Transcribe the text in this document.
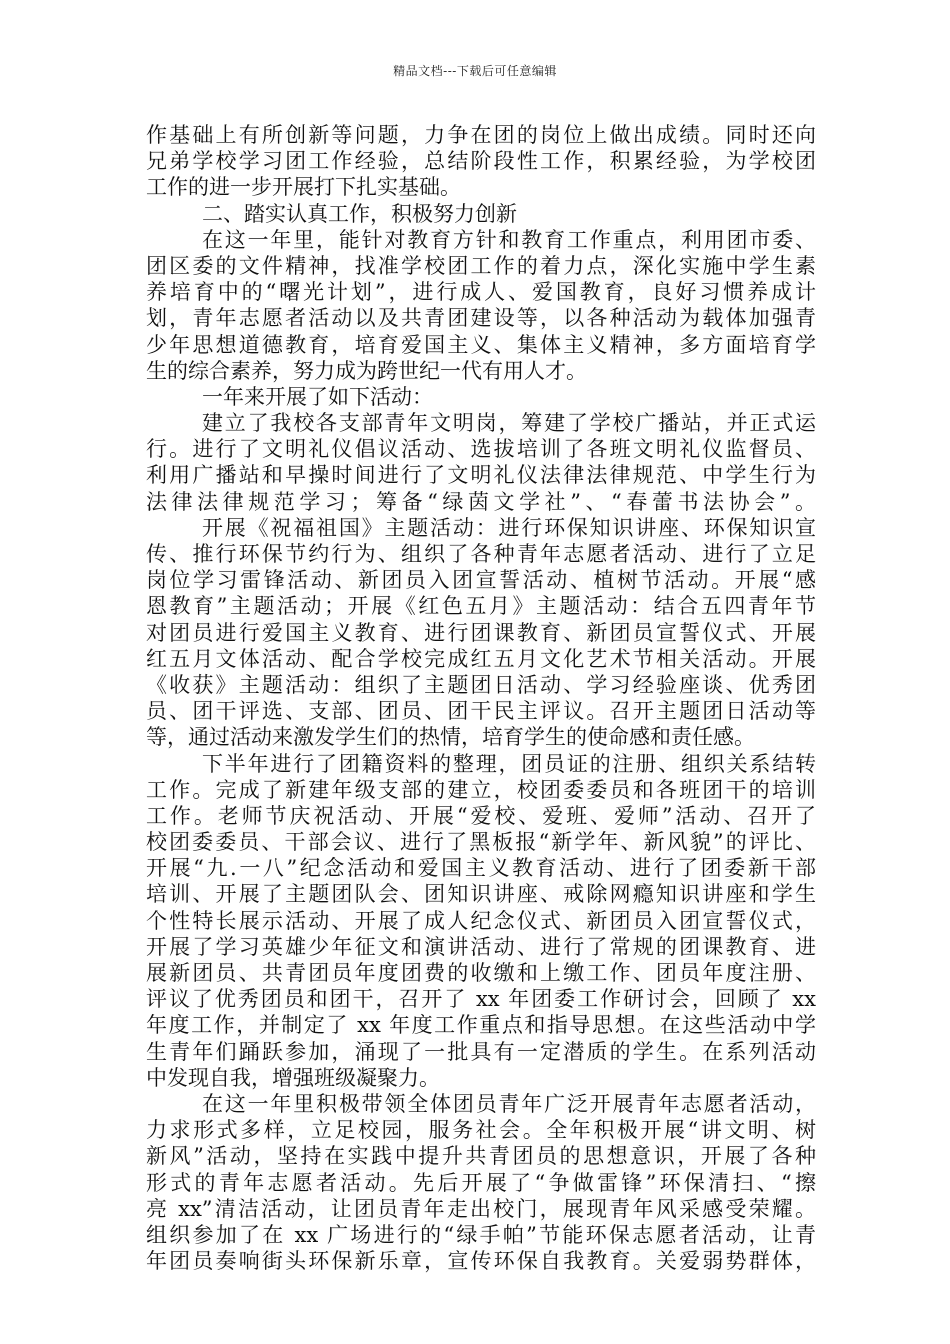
精品文档---下载后可任意编辑
作基础上有所创新等问题，力争在团的岗位上做出成绩。同时还向
兄弟学校学习团工作经验，总结阶段性工作，积累经验，为学校团
工作的进一步开展打下扎实基础。
二、踏实认真工作，积极努力创新
在这一年里，能针对教育方针和教育工作重点，利用团市委、
团区委的文件精神，找准学校团工作的着力点，深化实施中学生素
养培育中的“曙光计划”，进行成人、爱国教育，良好习惯养成计
划，青年志愿者活动以及共青团建设等，以各种活动为载体加强青
少年思想道德教育，培育爱国主义、集体主义精神，多方面培育学
生的综合素养，努力成为跨世纪一代有用人才。
一年来开展了如下活动：
建立了我校各支部青年文明岗，筹建了学校广播站，并正式运
行。进行了文明礼仪倡议活动、选拔培训了各班文明礼仪监督员、
利用广播站和早操时间进行了文明礼仪法律法律规范、中学生行为
法律法律规范学习；筹备“绿茵文学社”、“春蕾书法协会”。
开展《祝福祖国》主题活动：进行环保知识讲座、环保知识宣
传、推行环保节约行为、组织了各种青年志愿者活动、进行了立足
岗位学习雷锋活动、新团员入团宣誓活动、植树节活动。开展“感
恩教育”主题活动；开展《红色五月》主题活动：结合五四青年节
对团员进行爱国主义教育、进行团课教育、新团员宣誓仪式、开展
红五月文体活动、配合学校完成红五月文化艺术节相关活动。开展
《收获》主题活动：组织了主题团日活动、学习经验座谈、优秀团
员、团干评选、支部、团员、团干民主评议。召开主题团日活动等
等，通过活动来激发学生们的热情，培育学生的使命感和责任感。
下半年进行了团籍资料的整理，团员证的注册、组织关系结转
工作。完成了新建年级支部的建立，校团委委员和各班团干的培训
工作。老师节庆祝活动、开展“爱校、爱班、爱师”活动、召开了
校团委委员、干部会议、进行了黑板报“新学年、新风貌”的评比、
开展“九.一八”纪念活动和爱国主义教育活动、进行了团委新干部
培训、开展了主题团队会、团知识讲座、戒除网瘾知识讲座和学生
个性特长展示活动、开展了成人纪念仪式、新团员入团宣誓仪式，
开展了学习英雄少年征文和演讲活动、进行了常规的团课教育、进
展新团员、共青团员年度团费的收缴和上缴工作、团员年度注册、
评议了优秀团员和团干，召开了 xx 年团委工作研讨会，回顾了 xx
年度工作，并制定了 xx 年度工作重点和指导思想。在这些活动中学
生青年们踊跃参加，涌现了一批具有一定潜质的学生。在系列活动
中发现自我，增强班级凝聚力。
在这一年里积极带领全体团员青年广泛开展青年志愿者活动，
力求形式多样，立足校园，服务社会。全年积极开展“讲文明、树
新风”活动，坚持在实践中提升共青团员的思想意识，开展了各种
形式的青年志愿者活动。先后开展了“争做雷锋”环保清扫、“擦
亮 xx”清洁活动，让团员青年走出校门，展现青年风采感受荣耀。
组织参加了在 xx 广场进行的“绿手帕”节能环保志愿者活动，让青
年团员奏响街头环保新乐章，宣传环保自我教育。关爱弱势群体，
